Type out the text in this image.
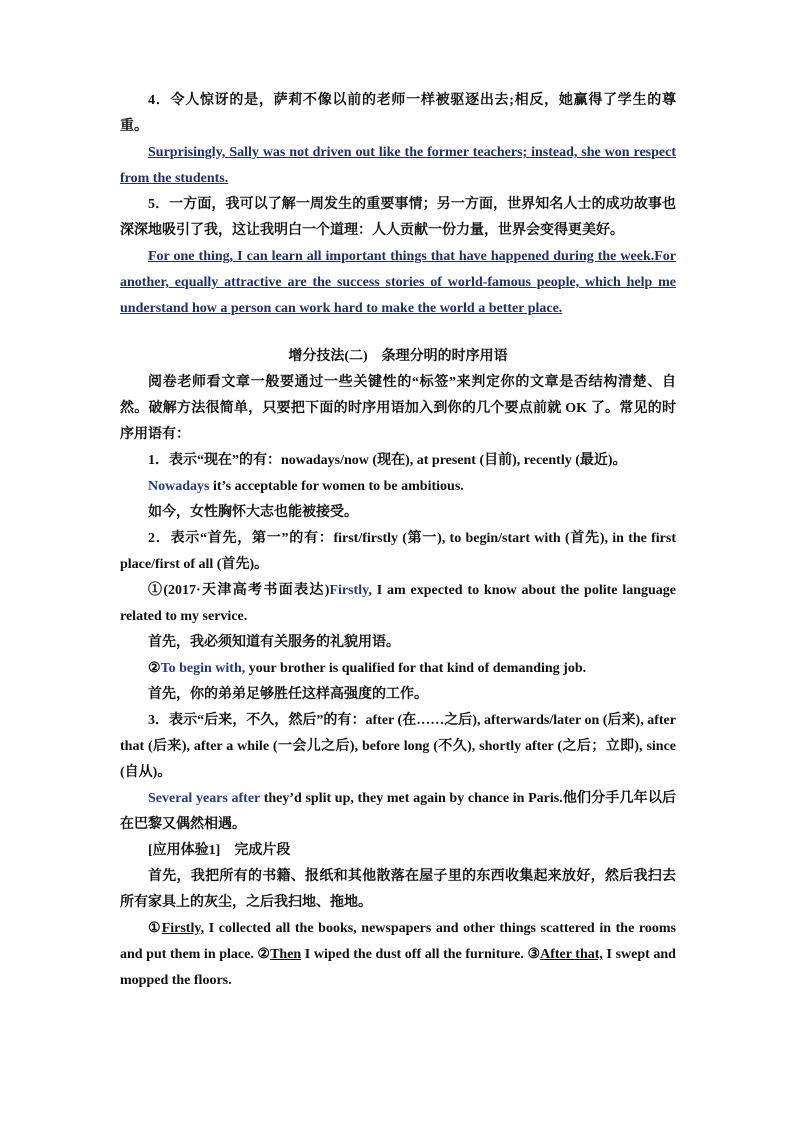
4．令人惊讶的是，萨莉不像以前的老师一样被驱逐出去;相反，她赢得了学生的尊重。

Surprisingly, Sally was not driven out like the former teachers; instead, she won respect from the students.

5．一方面，我可以了解一周发生的重要事情；另一方面，世界知名人士的成功故事也深深地吸引了我，这让我明白一个道理：人人贡献一份力量，世界会变得更美好。

For one thing, I can learn all important things that have happened during the week.For another, equally attractive are the success stories of world-famous people, which help me understand how a person can work hard to make the world a better place.

增分技法(二)　条理分明的时序用语

阅卷老师看文章一般要通过一些关键性的“标签”来判定你的文章是否结构清楚、自然。破解方法很简单，只要把下面的时序用语加入到你的几个要点前就 OK 了。常见的时序用语有：

1．表示“现在”的有：nowadays/now (现在), at present (目前), recently (最近)。

Nowadays it’s acceptable for women to be ambitious.

如今，女性胸怀大志也能被接受。

2．表示“首先，第一”的有：first/firstly (第一), to begin/start with (首先), in the first place/first of all (首先)。

①(2017·天津高考书面表达)Firstly, I am expected to know about the polite language related to my service.

首先，我必须知道有关服务的礼貌用语。

②To begin with, your brother is qualified for that kind of demanding job.

首先，你的弟弟足够胜任这样高强度的工作。

3．表示“后来，不久，然后”的有：after (在……之后), afterwards/later on (后来), after that (后来), after a while (一会儿之后), before long (不久), shortly after (之后；立即), since (自从)。

Several years after they’d split up, they met again by chance in Paris.他们分手几年以后在巴黎又偶然相遇。

[应用体验1]　完成片段

首先，我把所有的书籍、报纸和其他散落在屋子里的东西收集起来放好，然后我扫去所有家具上的灰尘，之后我扫地、拖地。

①Firstly, I collected all the books, newspapers and other things scattered in the rooms and put them in place. ②Then I wiped the dust off all the furniture. ③After that, I swept and mopped the floors.
